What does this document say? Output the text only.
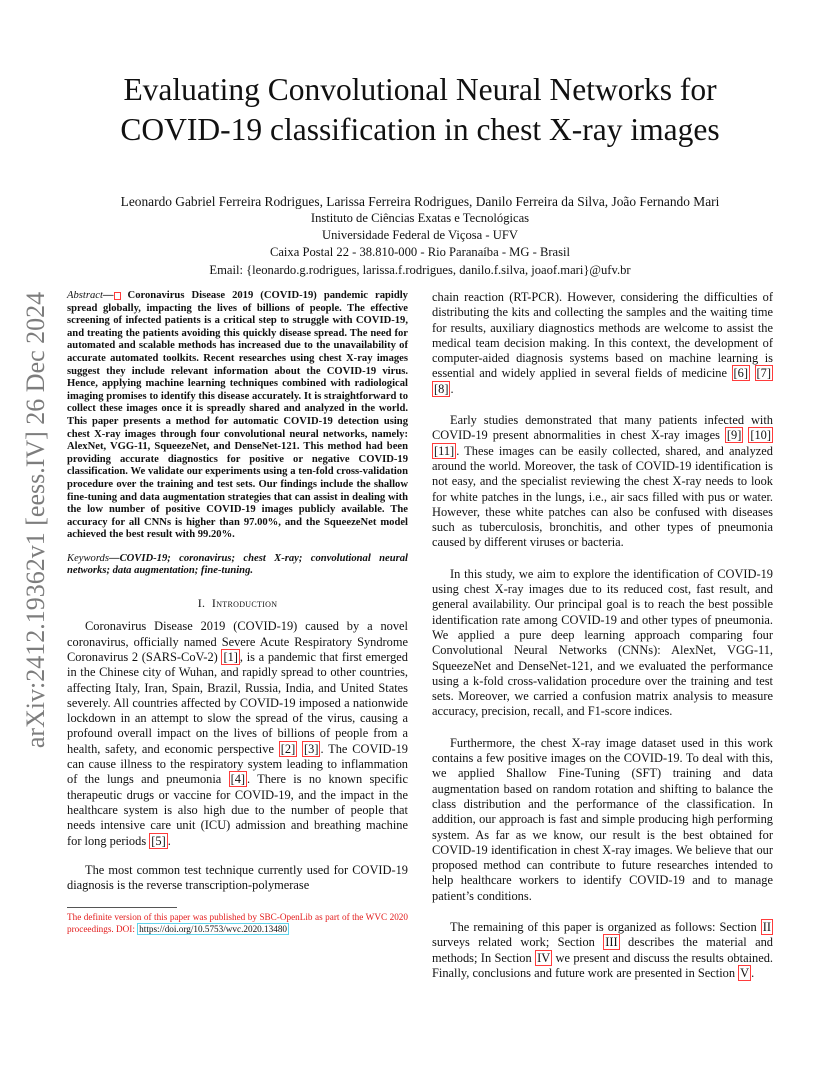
Evaluating Convolutional Neural Networks for
COVID-19 classification in chest X-ray images
Leonardo Gabriel Ferreira Rodrigues, Larissa Ferreira Rodrigues, Danilo Ferreira da Silva, João Fernando Mari
Instituto de Ciências Exatas e Tecnológicas
Universidade Federal de Viçosa - UFV
Caixa Postal 22 - 38.810-000 - Rio Paranaíba - MG - Brasil
Email: {leonardo.g.rodrigues, larissa.f.rodrigues, danilo.f.silva, joaof.mari}@ufv.br
arXiv:2412.19362v1 [eess.IV] 26 Dec 2024 Abstract— Coronavirus Disease 2019 (COVID-19) pandemic rapidly spread globally, impacting the lives of billions of people. The effective screening of infected patients is a critical step to struggle with COVID-19, and treating the patients avoiding this quickly disease spread. The need for automated and scalable methods has increased due to the unavailability of accurate automated toolkits. Recent researches using chest X-ray images suggest they include relevant information about the COVID-19 virus. Hence, applying machine learning techniques combined with radiological imaging promises to identify this disease accurately. It is straightforward to collect these images once it is spreadly shared and analyzed in the world. This paper presents a method for automatic COVID-19 detection using chest X-ray images through four convolutional neural networks, namely: AlexNet, VGG-11, SqueezeNet, and DenseNet-121. This method had been providing accurate diagnostics for positive or negative COVID-19 classification. We validate our experiments using a ten-fold cross-validation procedure over the training and test sets. Our findings include the shallow fine-tuning and data augmentation strategies that can assist in dealing with the low number of positive COVID-19 images publicly available. The accuracy for all CNNs is higher than 97.00%, and the SqueezeNet model achieved the best result with 99.20%.

Keywords—COVID-19; coronavirus; chest X-ray; convolutional neural networks; data augmentation; fine-tuning.

I. Introduction

Coronavirus Disease 2019 (COVID-19) caused by a novel coronavirus, officially named Severe Acute Respiratory Syndrome Coronavirus 2 (SARS-CoV-2) [1] , is a pandemic that first emerged in the Chinese city of Wuhan, and rapidly spread to other countries, affecting Italy, Iran, Spain, Brazil, Russia, India, and United States severely. All countries affected by COVID-19 imposed a nationwide lockdown in an attempt to slow the spread of the virus, causing a profound overall impact on the lives of billions of people from a health, safety, and economic perspective [2] [3] . The COVID-19 can cause illness to the respiratory system leading to inflammation of the lungs and pneumonia [4] . There is no known specific therapeutic drugs or vaccine for COVID-19, and the impact in the healthcare system is also high due to the number of people that needs intensive care unit (ICU) admission and breathing machine for long periods [5] .

The most common test technique currently used for COVID-19 diagnosis is the reverse transcription-polymerase

The definite version of this paper was published by SBC-OpenLib as part of the WVC 2020 proceedings. DOI: https://doi.org/10.5753/wvc.2020.13480

chain reaction (RT-PCR). However, considering the difficulties of distributing the kits and collecting the samples and the waiting time for results, auxiliary diagnostics methods are welcome to assist the medical team decision making. In this context, the development of computer-aided diagnosis systems based on machine learning is essential and widely applied in several fields of medicine [6] [7] [8] .

Early studies demonstrated that many patients infected with COVID-19 present abnormalities in chest X-ray images [9] [10] [11] . These images can be easily collected, shared, and analyzed around the world. Moreover, the task of COVID-19 identification is not easy, and the specialist reviewing the chest X-ray needs to look for white patches in the lungs, i.e., air sacs filled with pus or water. However, these white patches can also be confused with diseases such as tuberculosis, bronchitis, and other types of pneumonia caused by different viruses or bacteria.

In this study, we aim to explore the identification of COVID-19 using chest X-ray images due to its reduced cost, fast result, and general availability. Our principal goal is to reach the best possible identification rate among COVID-19 and other types of pneumonia. We applied a pure deep learning approach comparing four Convolutional Neural Networks (CNNs): AlexNet, VGG-11, SqueezeNet and DenseNet-121, and we evaluated the performance using a k-fold cross-validation procedure over the training and test sets. Moreover, we carried a confusion matrix analysis to measure accuracy, precision, recall, and F1-score indices.

Furthermore, the chest X-ray image dataset used in this work contains a few positive images on the COVID-19. To deal with this, we applied Shallow Fine-Tuning (SFT) training and data augmentation based on random rotation and shifting to balance the class distribution and the performance of the classification. In addition, our approach is fast and simple producing high performing system. As far as we know, our result is the best obtained for COVID-19 identification in chest X-ray images. We believe that our proposed method can contribute to future researches intended to help healthcare workers to identify COVID-19 and to manage patient’s conditions.

The remaining of this paper is organized as follows: Section II surveys related work; Section III describes the material and methods; In Section IV we present and discuss the results obtained. Finally, conclusions and future work are presented in Section V .
